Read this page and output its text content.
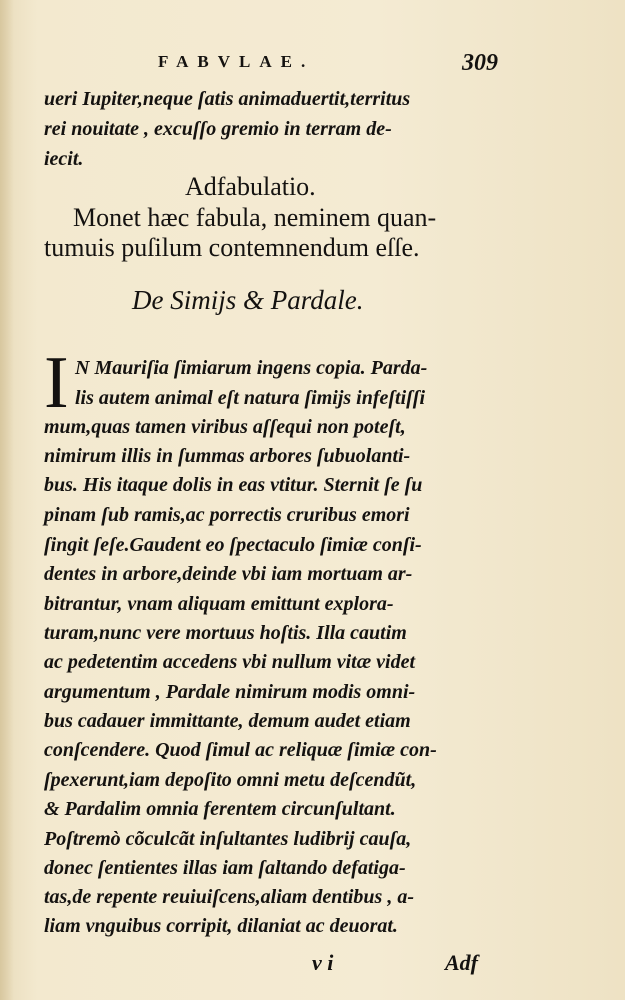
FABVLAE.	309
ueri Iupiter,neque ſatis animaduertit,territus
rei nouitate , excuſſo gremio in terram de-
iecit.
Adfabulatio.
Monet hæc fabula, neminem quan-
tumuis puſilum contemnendum eſſe.
De Simijs & Pardale.
I N Mauriſia ſimiarum ingens copia. Parda-
lis autem animal eſt natura ſimijs infeſtiſſi
mum,quas tamen viribus aſſequi non poteſt,
nimirum illis in ſummas arbores ſubuolanti-
bus. His itaque dolis in eas vtitur. Sternit ſe ſu
pinam ſub ramis,ac porrectis cruribus emori
ſingit ſeſe.Gaudent eo ſpectaculo ſimiæ conſi-
dentes in arbore,deinde vbi iam mortuam ar-
bitrantur, vnam aliquam emittunt explora-
turam,nunc vere mortuus hoſtis. Illa cautim
ac pedetentim accedens vbi nullum vitæ videt
argumentum , Pardale nimirum modis omni-
bus cadauer immittante, demum audet etiam
conſcendere. Quod ſimul ac reliquæ ſimiæ con-
ſpexerunt,iam depoſito omni metu deſcendũt,
& Pardalim omnia ferentem circunſultant.
Poſtremò cõculcãt inſultantes ludibrij cauſa,
donec ſentientes illas iam ſaltando defatiga-
tas,de repente reuiuiſcens,aliam dentibus , a-
liam vnguibus corripit, dilaniat ac deuorat.
v i	Adf
